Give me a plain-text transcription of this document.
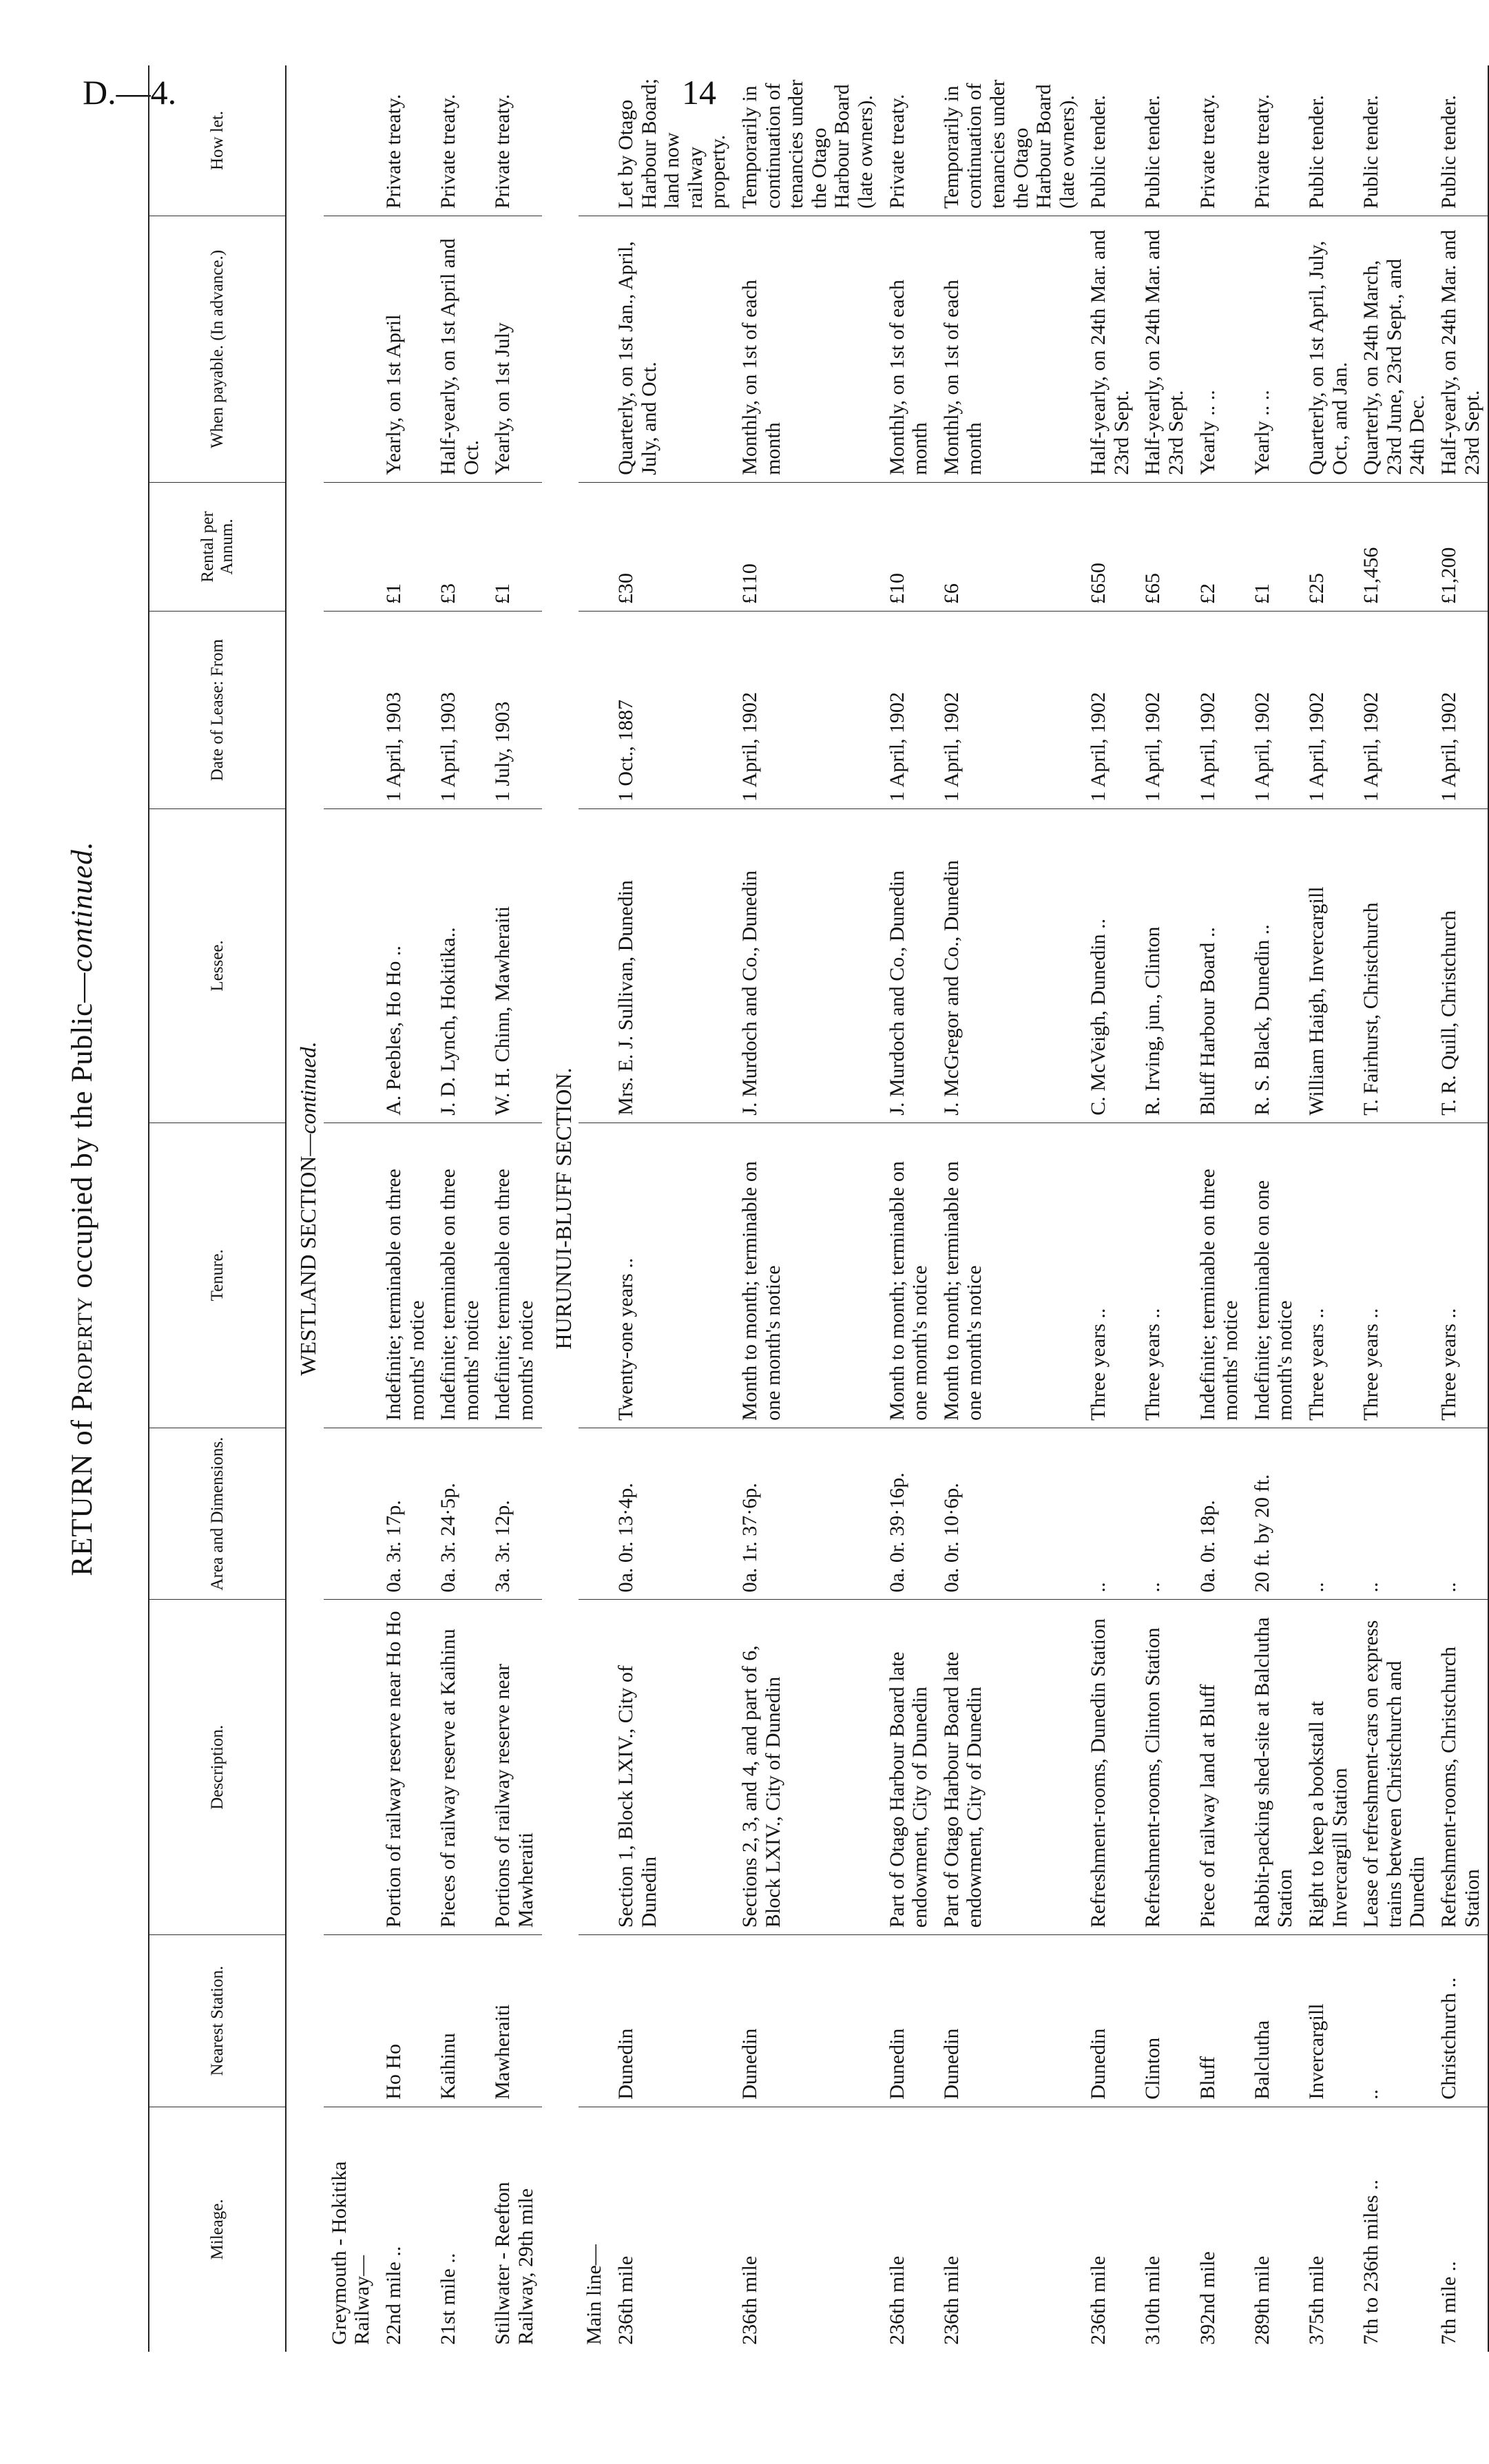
D.—4.	14
RETURN of Property occupied by the Public—continued.
Mileage.	Nearest Station.	Description.	Area and Dimensions.	Tenure.	Lessee.	Date of Lease: From	Rental per Annum.	When payable. (In advance.)	How let.
WESTLAND SECTION—continued.									
Greymouth - Hokitika Railway—									
22nd mile ..	Ho Ho	Portion of railway reserve near Ho Ho	0a. 3r. 17p.	Indefinite; terminable on three months' notice	A. Peebles, Ho Ho ..	1 April, 1903	£1	Yearly, on 1st April	Private treaty.
21st mile ..	Kaihinu	Pieces of railway reserve at Kaihinu	0a. 3r. 24·5p.	Indefinite; terminable on three months' notice	J. D. Lynch, Hokitika..	1 April, 1903	£3	Half-yearly, on 1st April and Oct.	Private treaty.
Stillwater - Reefton Railway, 29th mile	Mawheraiti	Portions of railway reserve near Mawheraiti	3a. 3r. 12p.	Indefinite; terminable on three months' notice	W. H. Chinn, Mawheraiti	1 July, 1903	£1	Yearly, on 1st July	Private treaty.
HURUNUI-BLUFF SECTION.									
Main line—									
236th mile	Dunedin	Section 1, Block LXIV., City of Dunedin	0a. 0r. 13·4p.	Twenty-one years ..	Mrs. E. J. Sullivan, Dunedin	1 Oct., 1887	£30	Quarterly, on 1st Jan., April, July, and Oct.	Let by Otago Harbour Board; land now railway property.
236th mile	Dunedin	Sections 2, 3, and 4, and part of 6, Block LXIV., City of Dunedin	0a. 1r. 37·6p.	Month to month; terminable on one month's notice	J. Murdoch and Co., Dunedin	1 April, 1902	£110	Monthly, on 1st of each month	Temporarily in continuation of tenancies under the Otago Harbour Board (late owners).
236th mile	Dunedin	Part of Otago Harbour Board late endowment, City of Dunedin	0a. 0r. 39·16p.	Month to month; terminable on one month's notice	J. Murdoch and Co., Dunedin	1 April, 1902	£10	Monthly, on 1st of each month	Private treaty.
236th mile	Dunedin	Part of Otago Harbour Board late endowment, City of Dunedin	0a. 0r. 10·6p.	Month to month; terminable on one month's notice	J. McGregor and Co., Dunedin	1 April, 1902	£6	Monthly, on 1st of each month	Temporarily in continuation of tenancies under the Otago Harbour Board (late owners).
236th mile	Dunedin	Refreshment-rooms, Dunedin Station	..	Three years ..	C. McVeigh, Dunedin ..	1 April, 1902	£650	Half-yearly, on 24th Mar. and 23rd Sept.	Public tender.
310th mile	Clinton	Refreshment-rooms, Clinton Station	..	Three years ..	R. Irving, jun., Clinton	1 April, 1902	£65	Half-yearly, on 24th Mar. and 23rd Sept.	Public tender.
392nd mile	Bluff	Piece of railway land at Bluff	0a. 0r. 18p.	Indefinite; terminable on three months' notice	Bluff Harbour Board ..	1 April, 1902	£2	Yearly .. ..	Private treaty.
289th mile	Balclutha	Rabbit-packing shed-site at Balclutha Station	20 ft. by 20 ft.	Indefinite; terminable on one month's notice	R. S. Black, Dunedin ..	1 April, 1902	£1	Yearly .. ..	Private treaty.
375th mile	Invercargill	Right to keep a bookstall at Invercargill Station	..	Three years ..	William Haigh, Invercargill	1 April, 1902	£25	Quarterly, on 1st April, July, Oct., and Jan.	Public tender.
7th to 236th miles ..	..	Lease of refreshment-cars on express trains between Christchurch and Dunedin	..	Three years ..	T. Fairhurst, Christchurch	1 April, 1902	£1,456	Quarterly, on 24th March, 23rd June, 23rd Sept., and 24th Dec.	Public tender.
7th mile ..	Christchurch ..	Refreshment-rooms, Christchurch Station	..	Three years ..	T. R. Quill, Christchurch	1 April, 1902	£1,200	Half-yearly, on 24th Mar. and 23rd Sept.	Public tender.
